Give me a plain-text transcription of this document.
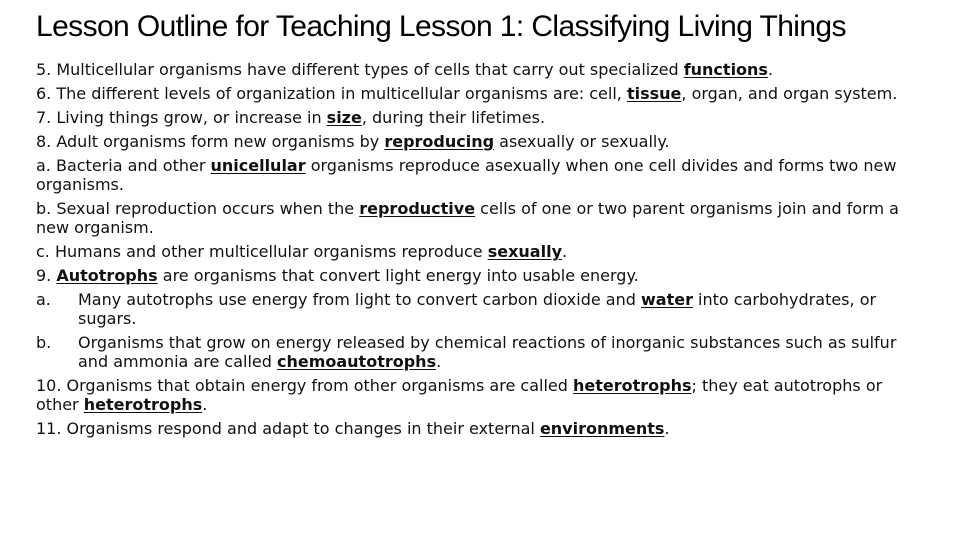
Lesson Outline for Teaching Lesson 1: Classifying Living Things

5. Multicellular organisms have different types of cells that carry out specialized functions.

6. The different levels of organization in multicellular organisms are: cell, tissue, organ, and organ system.

7. Living things grow, or increase in size, during their lifetimes.

8. Adult organisms form new organisms by reproducing asexually or sexually.

a. Bacteria and other unicellular organisms reproduce asexually when one cell divides and forms two new organisms.

b. Sexual reproduction occurs when the reproductive cells of one or two parent organisms join and form a new organism.

c. Humans and other multicellular organisms reproduce sexually.

9. Autotrophs are organisms that convert light energy into usable energy.

a. Many autotrophs use energy from light to convert carbon dioxide and water into carbohydrates, or sugars.

b. Organisms that grow on energy released by chemical reactions of inorganic substances such as sulfur and ammonia are called chemoautotrophs.

10. Organisms that obtain energy from other organisms are called heterotrophs; they eat autotrophs or other heterotrophs.

11. Organisms respond and adapt to changes in their external environments.
